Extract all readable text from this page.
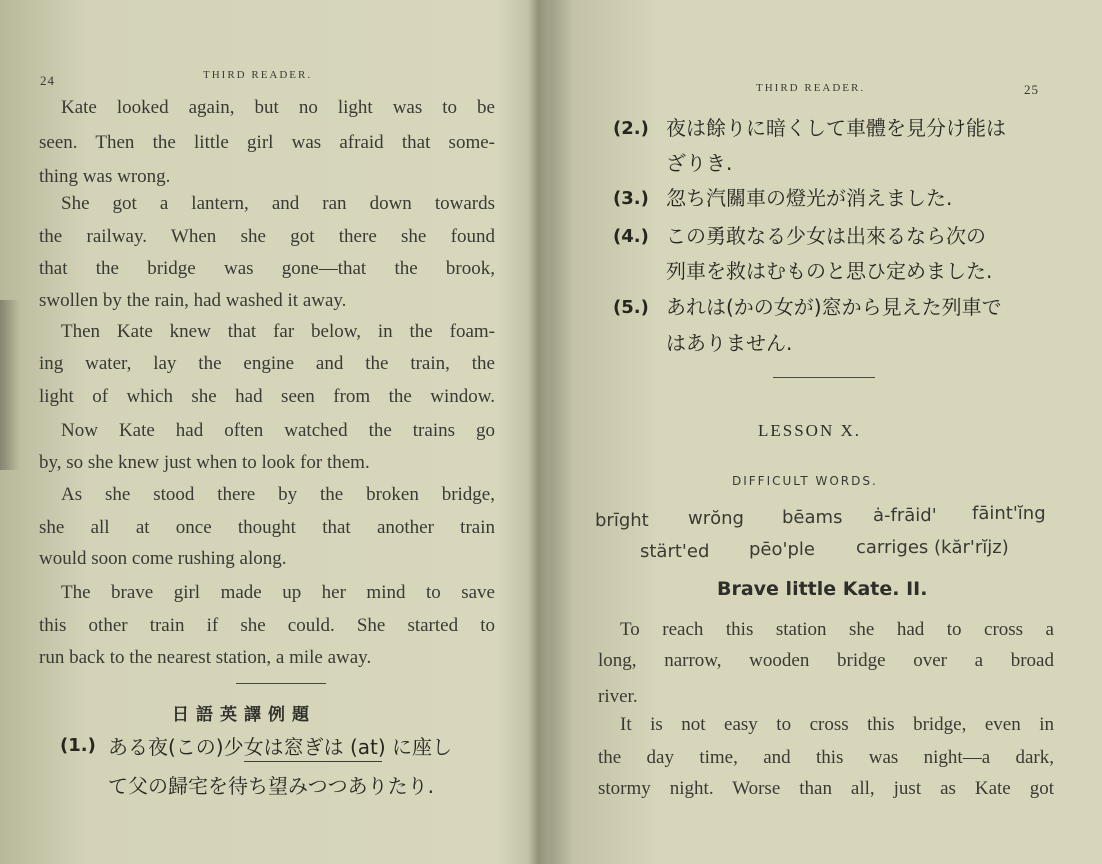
24	THIRD READER.
Kate looked again, but no light was to be
seen. Then the little girl was afraid that some-
thing was wrong.
She got a lantern, and ran down towards
the railway. When she got there she found
that the bridge was gone—that the brook,
swollen by the rain, had washed it away.
Then Kate knew that far below, in the foam-
ing water, lay the engine and the train, the
light of which she had seen from the window.
Now Kate had often watched the trains go
by, so she knew just when to look for them.
As she stood there by the broken bridge,
she all at once thought that another train
would soon come rushing along.
The brave girl made up her mind to save
this other train if she could. She started to
run back to the nearest station, a mile away.
日語英譯例題
(1.) ある夜(この)少女は窓ぎは (at) に座し
て父の歸宅を待ち望みつつありたり.
THIRD READER.	25
(2.) 夜は餘りに暗くして車體を見分け能は
ざりき.
(3.) 忽ち汽關車の燈光が消えました.
(4.) この勇敢なる少女は出來るなら次の
列車を救はむものと思ひ定めました.
(5.) あれは(かの女が)窓から見えた列車で
はありません.
LESSON X.
DIFFICULT WORDS.
brīght wrŏng bēams ȧ-frāid' fāint'ĭng
stärt'ed pēo'ple carriges (kăr'rĭjz)
Brave little Kate. II.
To reach this station she had to cross a
long, narrow, wooden bridge over a broad
river.
It is not easy to cross this bridge, even in
the day time, and this was night—a dark,
stormy night. Worse than all, just as Kate got
